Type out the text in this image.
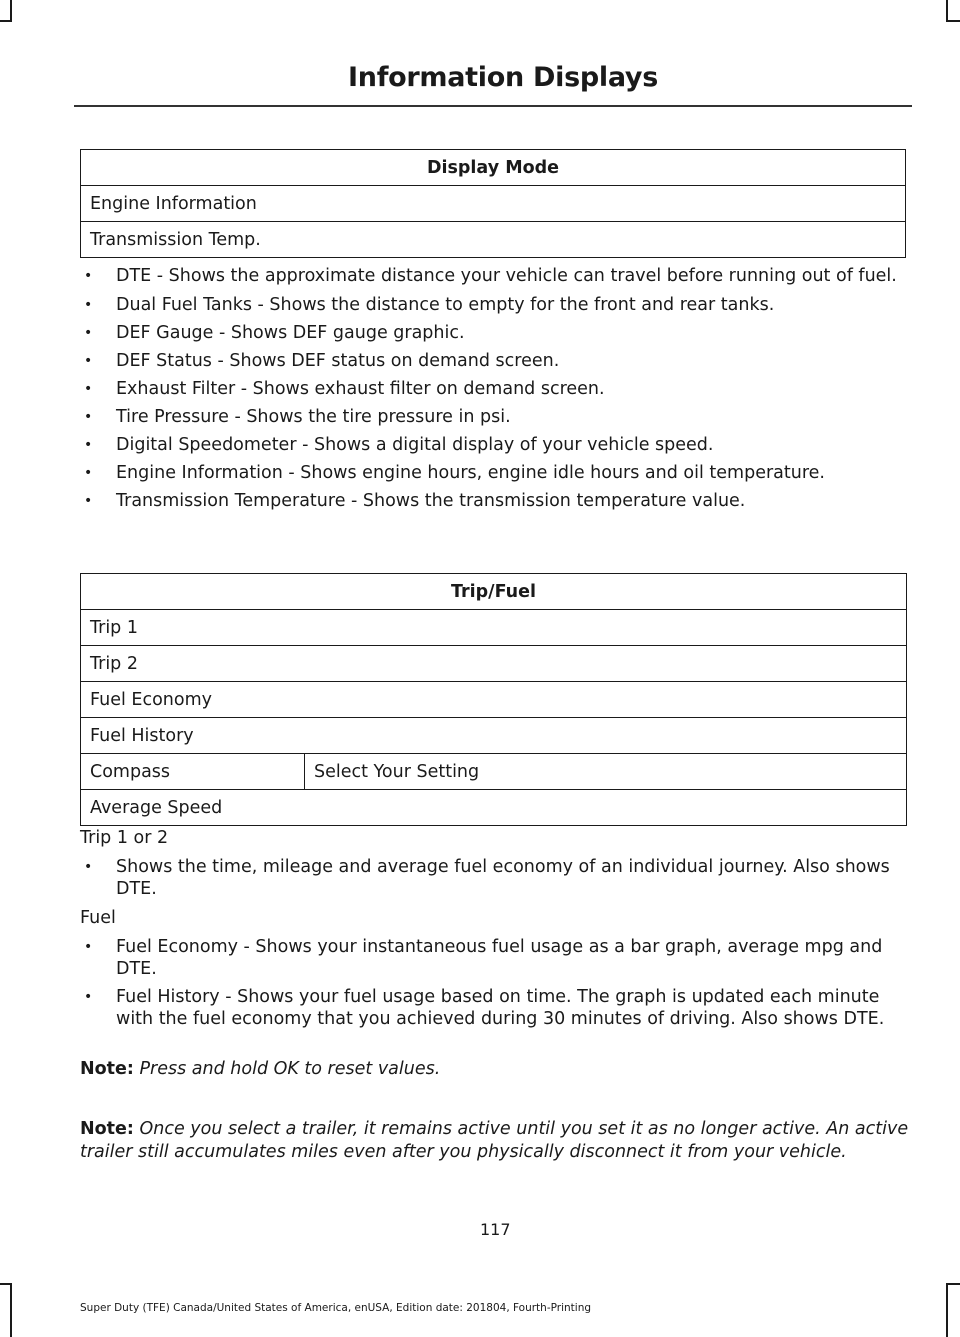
Information Displays
Display Mode
Engine Information
Transmission Temp.
• DTE - Shows the approximate distance your vehicle can travel before running out of fuel.
• Dual Fuel Tanks - Shows the distance to empty for the front and rear tanks.
• DEF Gauge - Shows DEF gauge graphic.
• DEF Status - Shows DEF status on demand screen.
• Exhaust Filter - Shows exhaust filter on demand screen.
• Tire Pressure - Shows the tire pressure in psi.
• Digital Speedometer - Shows a digital display of your vehicle speed.
• Engine Information - Shows engine hours, engine idle hours and oil temperature.
• Transmission Temperature - Shows the transmission temperature value.
Trip/Fuel
Trip 1
Trip 2
Fuel Economy
Fuel History
Compass	Select Your Setting
Average Speed
Trip 1 or 2
• Shows the time, mileage and average fuel economy of an individual journey. Also shows DTE.
Fuel
• Fuel Economy - Shows your instantaneous fuel usage as a bar graph, average mpg and DTE.
• Fuel History - Shows your fuel usage based on time. The graph is updated each minute with the fuel economy that you achieved during 30 minutes of driving. Also shows DTE.
Note: Press and hold OK to reset values.
Note: Once you select a trailer, it remains active until you set it as no longer active. An active trailer still accumulates miles even after you physically disconnect it from your vehicle.
117
Super Duty (TFE) Canada/United States of America, enUSA, Edition date: 201804, Fourth-Printing
